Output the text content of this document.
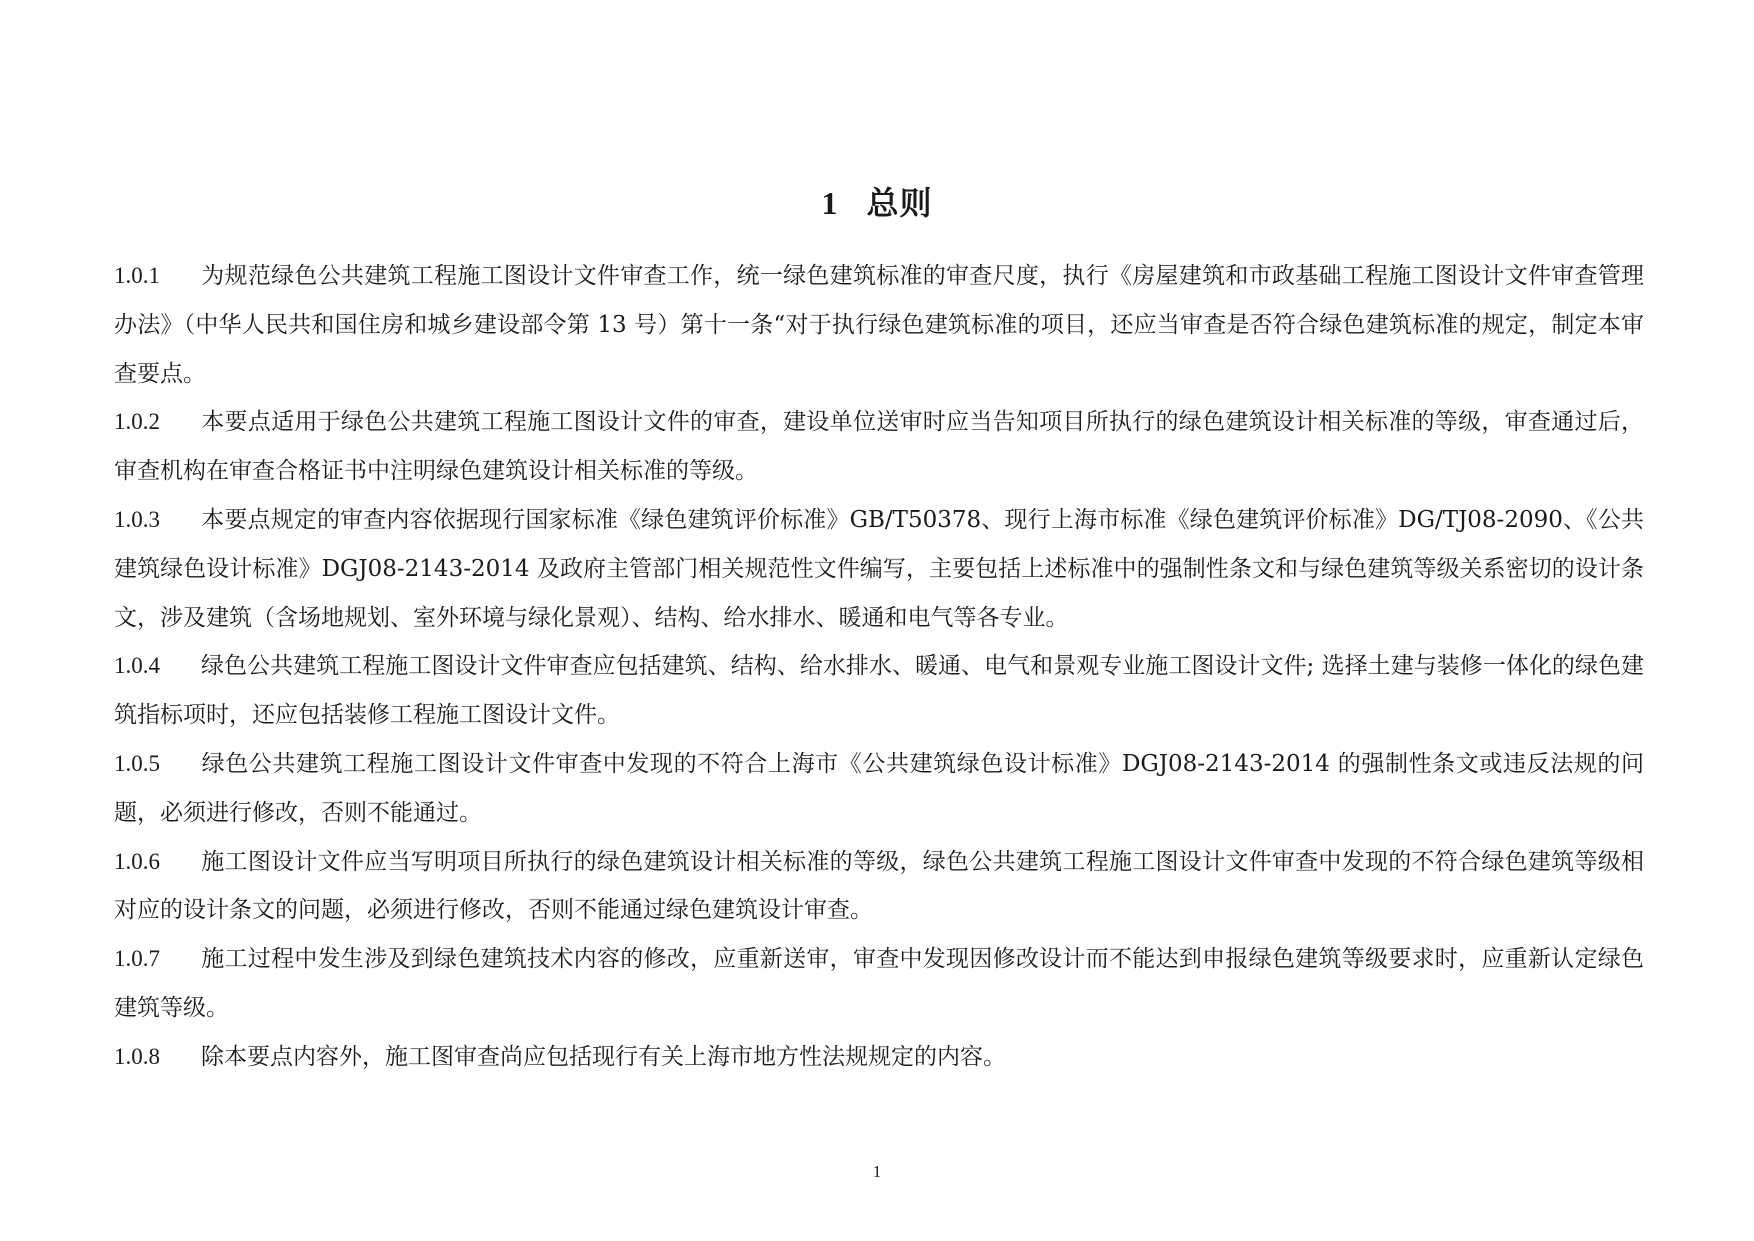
1 总则

1.0.1 为规范绿色公共建筑工程施工图设计文件审查工作，统一绿色建筑标准的审查尺度，执行《房屋建筑和市政基础工程施工图设计文件审查管理办法》（中华人民共和国住房和城乡建设部令第 13 号）第十一条“对于执行绿色建筑标准的项目，还应当审查是否符合绿色建筑标准的规定，制定本审查要点。

1.0.2 本要点适用于绿色公共建筑工程施工图设计文件的审查，建设单位送审时应当告知项目所执行的绿色建筑设计相关标准的等级，审查通过后，审查机构在审查合格证书中注明绿色建筑设计相关标准的等级。

1.0.3 本要点规定的审查内容依据现行国家标准《绿色建筑评价标准》GB/T50378、现行上海市标准《绿色建筑评价标准》DG/TJ08-2090、《公共建筑绿色设计标准》DGJ08-2143-2014 及政府主管部门相关规范性文件编写，主要包括上述标准中的强制性条文和与绿色建筑等级关系密切的设计条文，涉及建筑（含场地规划、室外环境与绿化景观）、结构、给水排水、暖通和电气等各专业。

1.0.4 绿色公共建筑工程施工图设计文件审查应包括建筑、结构、给水排水、暖通、电气和景观专业施工图设计文件; 选择土建与装修一体化的绿色建筑指标项时，还应包括装修工程施工图设计文件。

1.0.5 绿色公共建筑工程施工图设计文件审查中发现的不符合上海市《公共建筑绿色设计标准》DGJ08-2143-2014 的强制性条文或违反法规的问题，必须进行修改，否则不能通过。

1.0.6 施工图设计文件应当写明项目所执行的绿色建筑设计相关标准的等级，绿色公共建筑工程施工图设计文件审查中发现的不符合绿色建筑等级相对应的设计条文的问题，必须进行修改，否则不能通过绿色建筑设计审查。

1.0.7 施工过程中发生涉及到绿色建筑技术内容的修改，应重新送审，审查中发现因修改设计而不能达到申报绿色建筑等级要求时，应重新认定绿色建筑等级。

1.0.8 除本要点内容外，施工图审查尚应包括现行有关上海市地方性法规规定的内容。

1
